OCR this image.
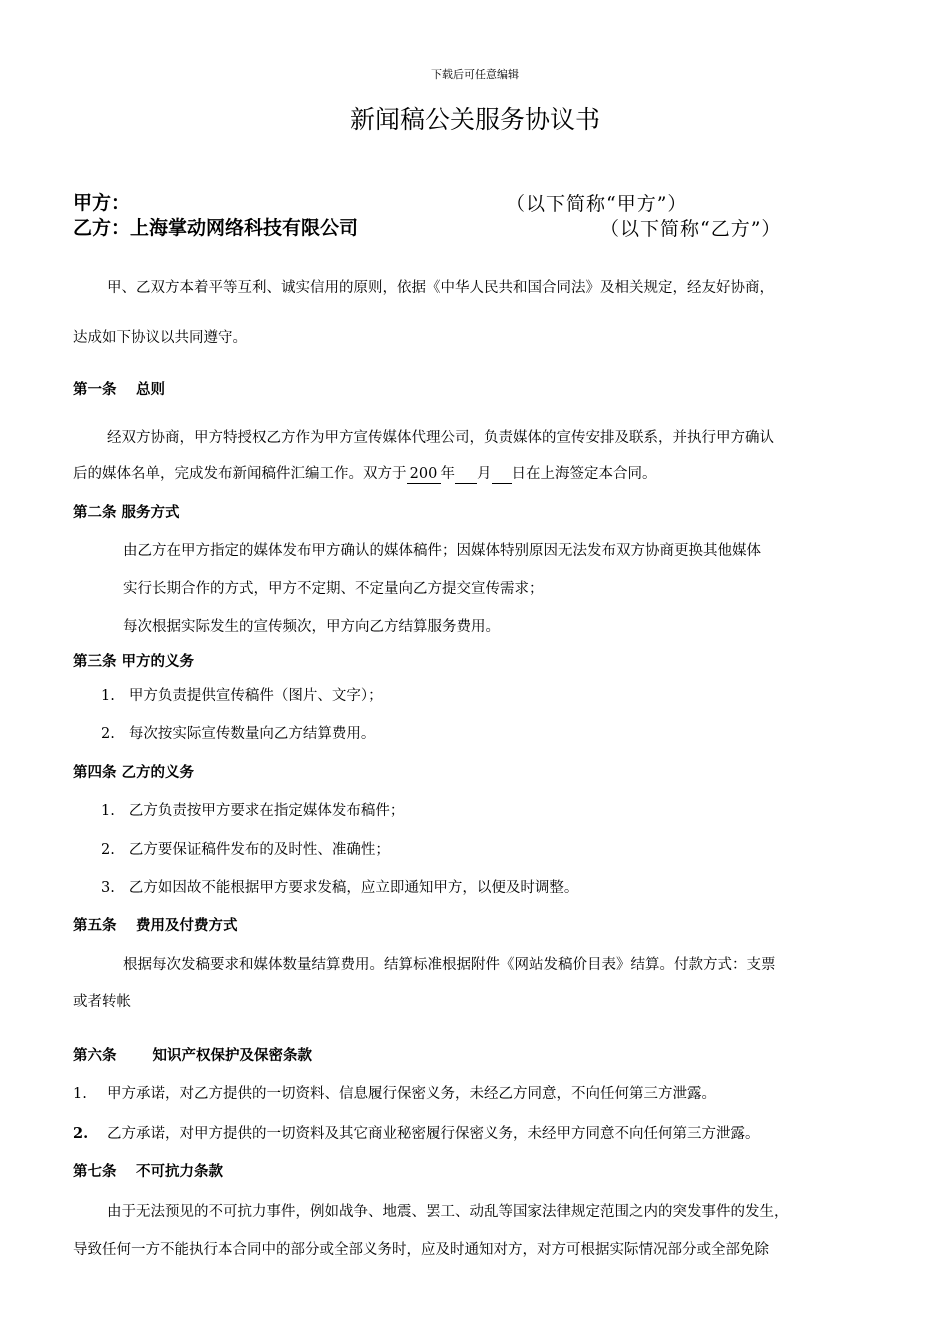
下载后可任意编辑
新闻稿公关服务协议书
甲方：	（以下简称“甲方”）
乙方：上海掌动网络科技有限公司	（以下简称“乙方”）
甲、乙双方本着平等互利、诚实信用的原则，依据《中华人民共和国合同法》及相关规定，经友好协商，
达成如下协议以共同遵守。
第一条　 总则
经双方协商，甲方特授权乙方作为甲方宣传媒体代理公司，负责媒体的宣传安排及联系，并执行甲方确认
后的媒体名单，完成发布新闻稿件汇编工作。双方于 200 年 月 日在上海签定本合同。
第二条 服务方式
由乙方在甲方指定的媒体发布甲方确认的媒体稿件；因媒体特别原因无法发布双方协商更换其他媒体
实行长期合作的方式，甲方不定期、不定量向乙方提交宣传需求；
每次根据实际发生的宣传频次，甲方向乙方结算服务费用。
第三条 甲方的义务
1. 甲方负责提供宣传稿件（图片、文字）；
2. 每次按实际宣传数量向乙方结算费用。
第四条 乙方的义务
1. 乙方负责按甲方要求在指定媒体发布稿件；
2. 乙方要保证稿件发布的及时性、准确性；
3. 乙方如因故不能根据甲方要求发稿，应立即通知甲方，以便及时调整。
第五条　 费用及付费方式
根据每次发稿要求和媒体数量结算费用。结算标准根据附件《网站发稿价目表》结算。付款方式：支票
或者转帐
第六条 知识产权保护及保密条款
1. 甲方承诺，对乙方提供的一切资料、信息履行保密义务，未经乙方同意，不向任何第三方泄露。
2. 乙方承诺，对甲方提供的一切资料及其它商业秘密履行保密义务，未经甲方同意不向任何第三方泄露。
第七条　 不可抗力条款
由于无法预见的不可抗力事件，例如战争、地震、罢工、动乱等国家法律规定范围之内的突发事件的发生，
导致任何一方不能执行本合同中的部分或全部义务时，应及时通知对方，对方可根据实际情况部分或全部免除
